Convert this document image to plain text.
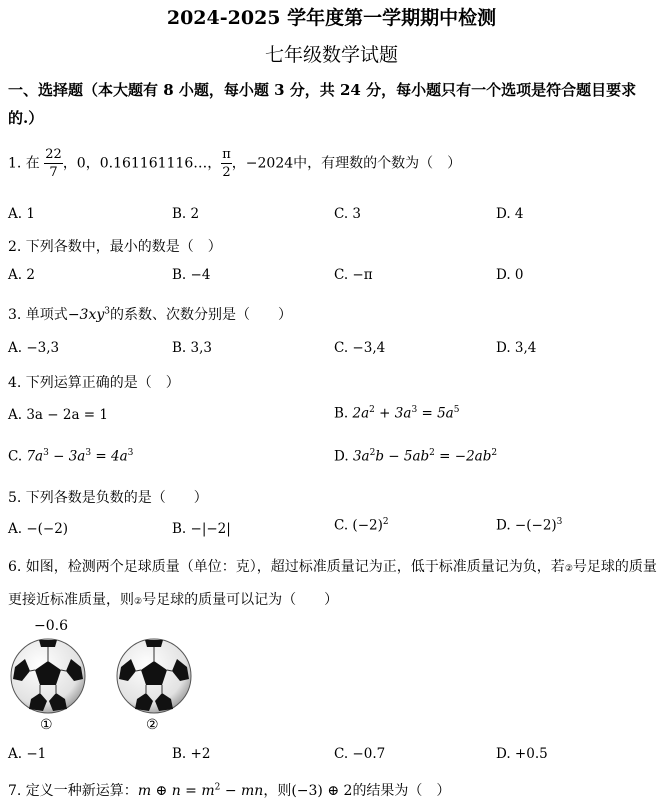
2024-2025 学年度第一学期期中检测
七年级数学试题
一、选择题（本大题有 8 小题，每小题 3 分，共 24 分，每小题只有一个选项是符合题目要求的.）
1. 在 $\frac{22}{7}$ ，0，0.161161116…， $\frac{\pi}{2}$ ，−2024中，有理数的个数为（　）
A. 1	B. 2	C. 3	D. 4
2. 下列各数中，最小的数是（　）
A. 2	B. −4	C. −π	D. 0
3. 单项式$-3xy^3$的系数、次数分别是（　　）
A. −3,3	B. 3,3	C. −3,4	D. 3,4
4. 下列运算正确的是（　）
A. 3a − 2a = 1	B. $2a^2 + 3a^3 = 5a^5$
C. $7a^3 - 3a^3 = 4a^3$	D. $3a^2b - 5ab^2 = -2ab^2$
5. 下列各数是负数的是（　　）
A. −(−2)	B. −|−2|	C. $(-2)^2$	D. $-(-2)^3$
6. 如图，检测两个足球质量（单位：克），超过标准质量记为正，低于标准质量记为负，若②号足球的质量更接近标准质量，则②号足球的质量可以记为（　　）
−0.6
①	②
A. −1	B. +2	C. −0.7	D. +0.5
7. 定义一种新运算：m ⊕ $n = m^2$ − mn，则(−3) ⊕ 2的结果为（　）
